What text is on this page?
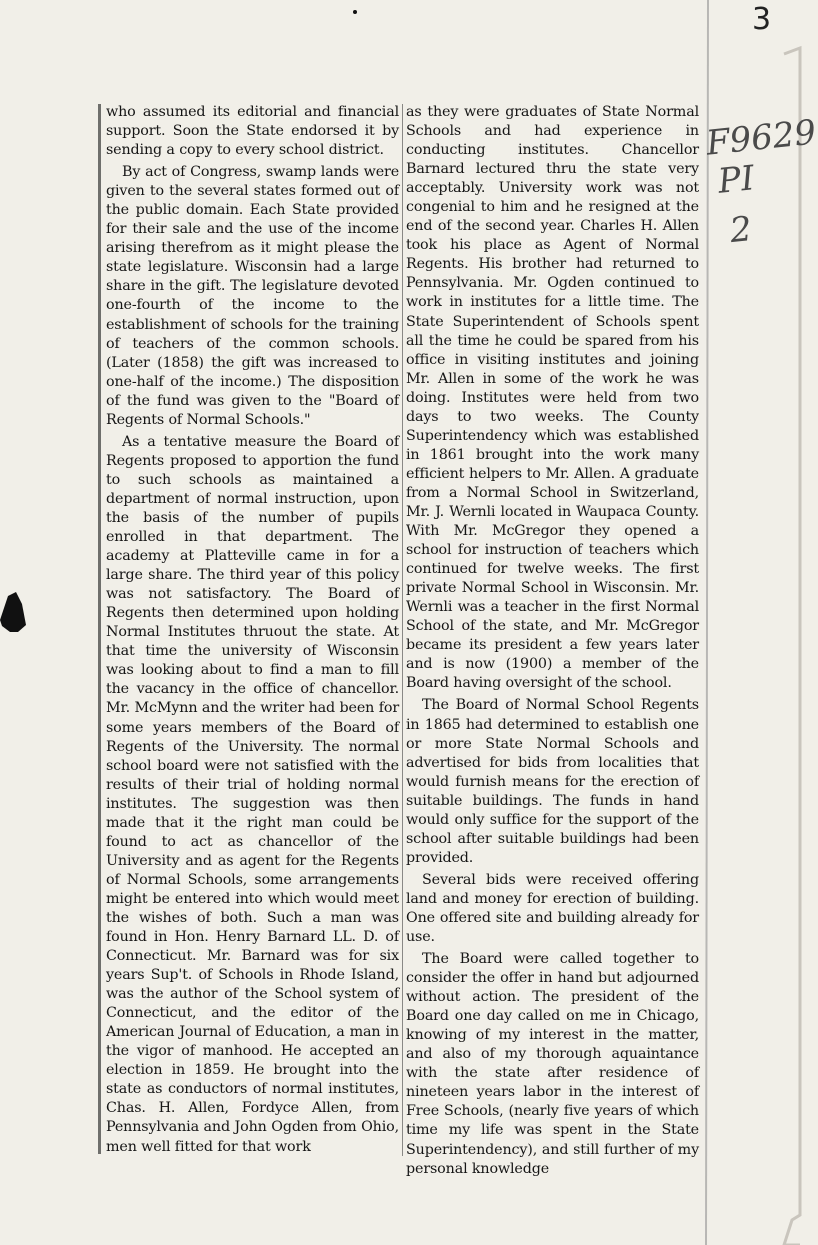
3
F9629
PI
2

who assumed its editorial and financial support. Soon the State endorsed it by sending a copy to every school district.

By act of Congress, swamp lands were given to the several states formed out of the public domain. Each State provided for their sale and the use of the income arising therefrom as it might please the state legislature. Wisconsin had a large share in the gift. The legislature devoted one-fourth of the income to the establishment of schools for the training of teachers of the common schools. (Later (1858) the gift was increased to one-half of the income.) The disposition of the fund was given to the "Board of Regents of Normal Schools."

As a tentative measure the Board of Regents proposed to apportion the fund to such schools as maintained a department of normal instruction, upon the basis of the number of pupils enrolled in that department. The academy at Platteville came in for a large share. The third year of this policy was not satisfactory. The Board of Regents then determined upon holding Normal Institutes thruout the state. At that time the university of Wisconsin was looking about to find a man to fill the vacancy in the office of chancellor. Mr. McMynn and the writer had been for some years members of the Board of Regents of the University. The normal school board were not satisfied with the results of their trial of holding normal institutes. The suggestion was then made that it the right man could be found to act as chancellor of the University and as agent for the Regents of Normal Schools, some arrangements might be entered into which would meet the wishes of both. Such a man was found in Hon. Henry Barnard LL. D. of Connecticut. Mr. Barnard was for six years Sup't. of Schools in Rhode Island, was the author of the School system of Connecticut, and the editor of the American Journal of Education, a man in the vigor of manhood. He accepted an election in 1859. He brought into the state as conductors of normal institutes, Chas. H. Allen, Fordyce Allen, from Pennsylvania and John Ogden from Ohio, men well fitted for that work

as they were graduates of State Normal Schools and had experience in conducting institutes. Chancellor Barnard lectured thru the state very acceptably. University work was not congenial to him and he resigned at the end of the second year. Charles H. Allen took his place as Agent of Normal Regents. His brother had returned to Pennsylvania. Mr. Ogden continued to work in institutes for a little time. The State Superintendent of Schools spent all the time he could be spared from his office in visiting institutes and joining Mr. Allen in some of the work he was doing. Institutes were held from two days to two weeks. The County Superintendency which was established in 1861 brought into the work many efficient helpers to Mr. Allen. A graduate from a Normal School in Switzerland, Mr. J. Wernli located in Waupaca County. With Mr. McGregor they opened a school for instruction of teachers which continued for twelve weeks. The first private Normal School in Wisconsin. Mr. Wernli was a teacher in the first Normal School of the state, and Mr. McGregor became its president a few years later and is now (1900) a member of the Board having oversight of the school.

The Board of Normal School Regents in 1865 had determined to establish one or more State Normal Schools and advertised for bids from localities that would furnish means for the erection of suitable buildings. The funds in hand would only suffice for the support of the school after suitable buildings had been provided.

Several bids were received offering land and money for erection of building. One offered site and building already for use.

The Board were called together to consider the offer in hand but adjourned without action. The president of the Board one day called on me in Chicago, knowing of my interest in the matter, and also of my thorough aquaintance with the state after residence of nineteen years labor in the interest of Free Schools, (nearly five years of which time my life was spent in the State Superintendency), and still further of my personal knowledge
